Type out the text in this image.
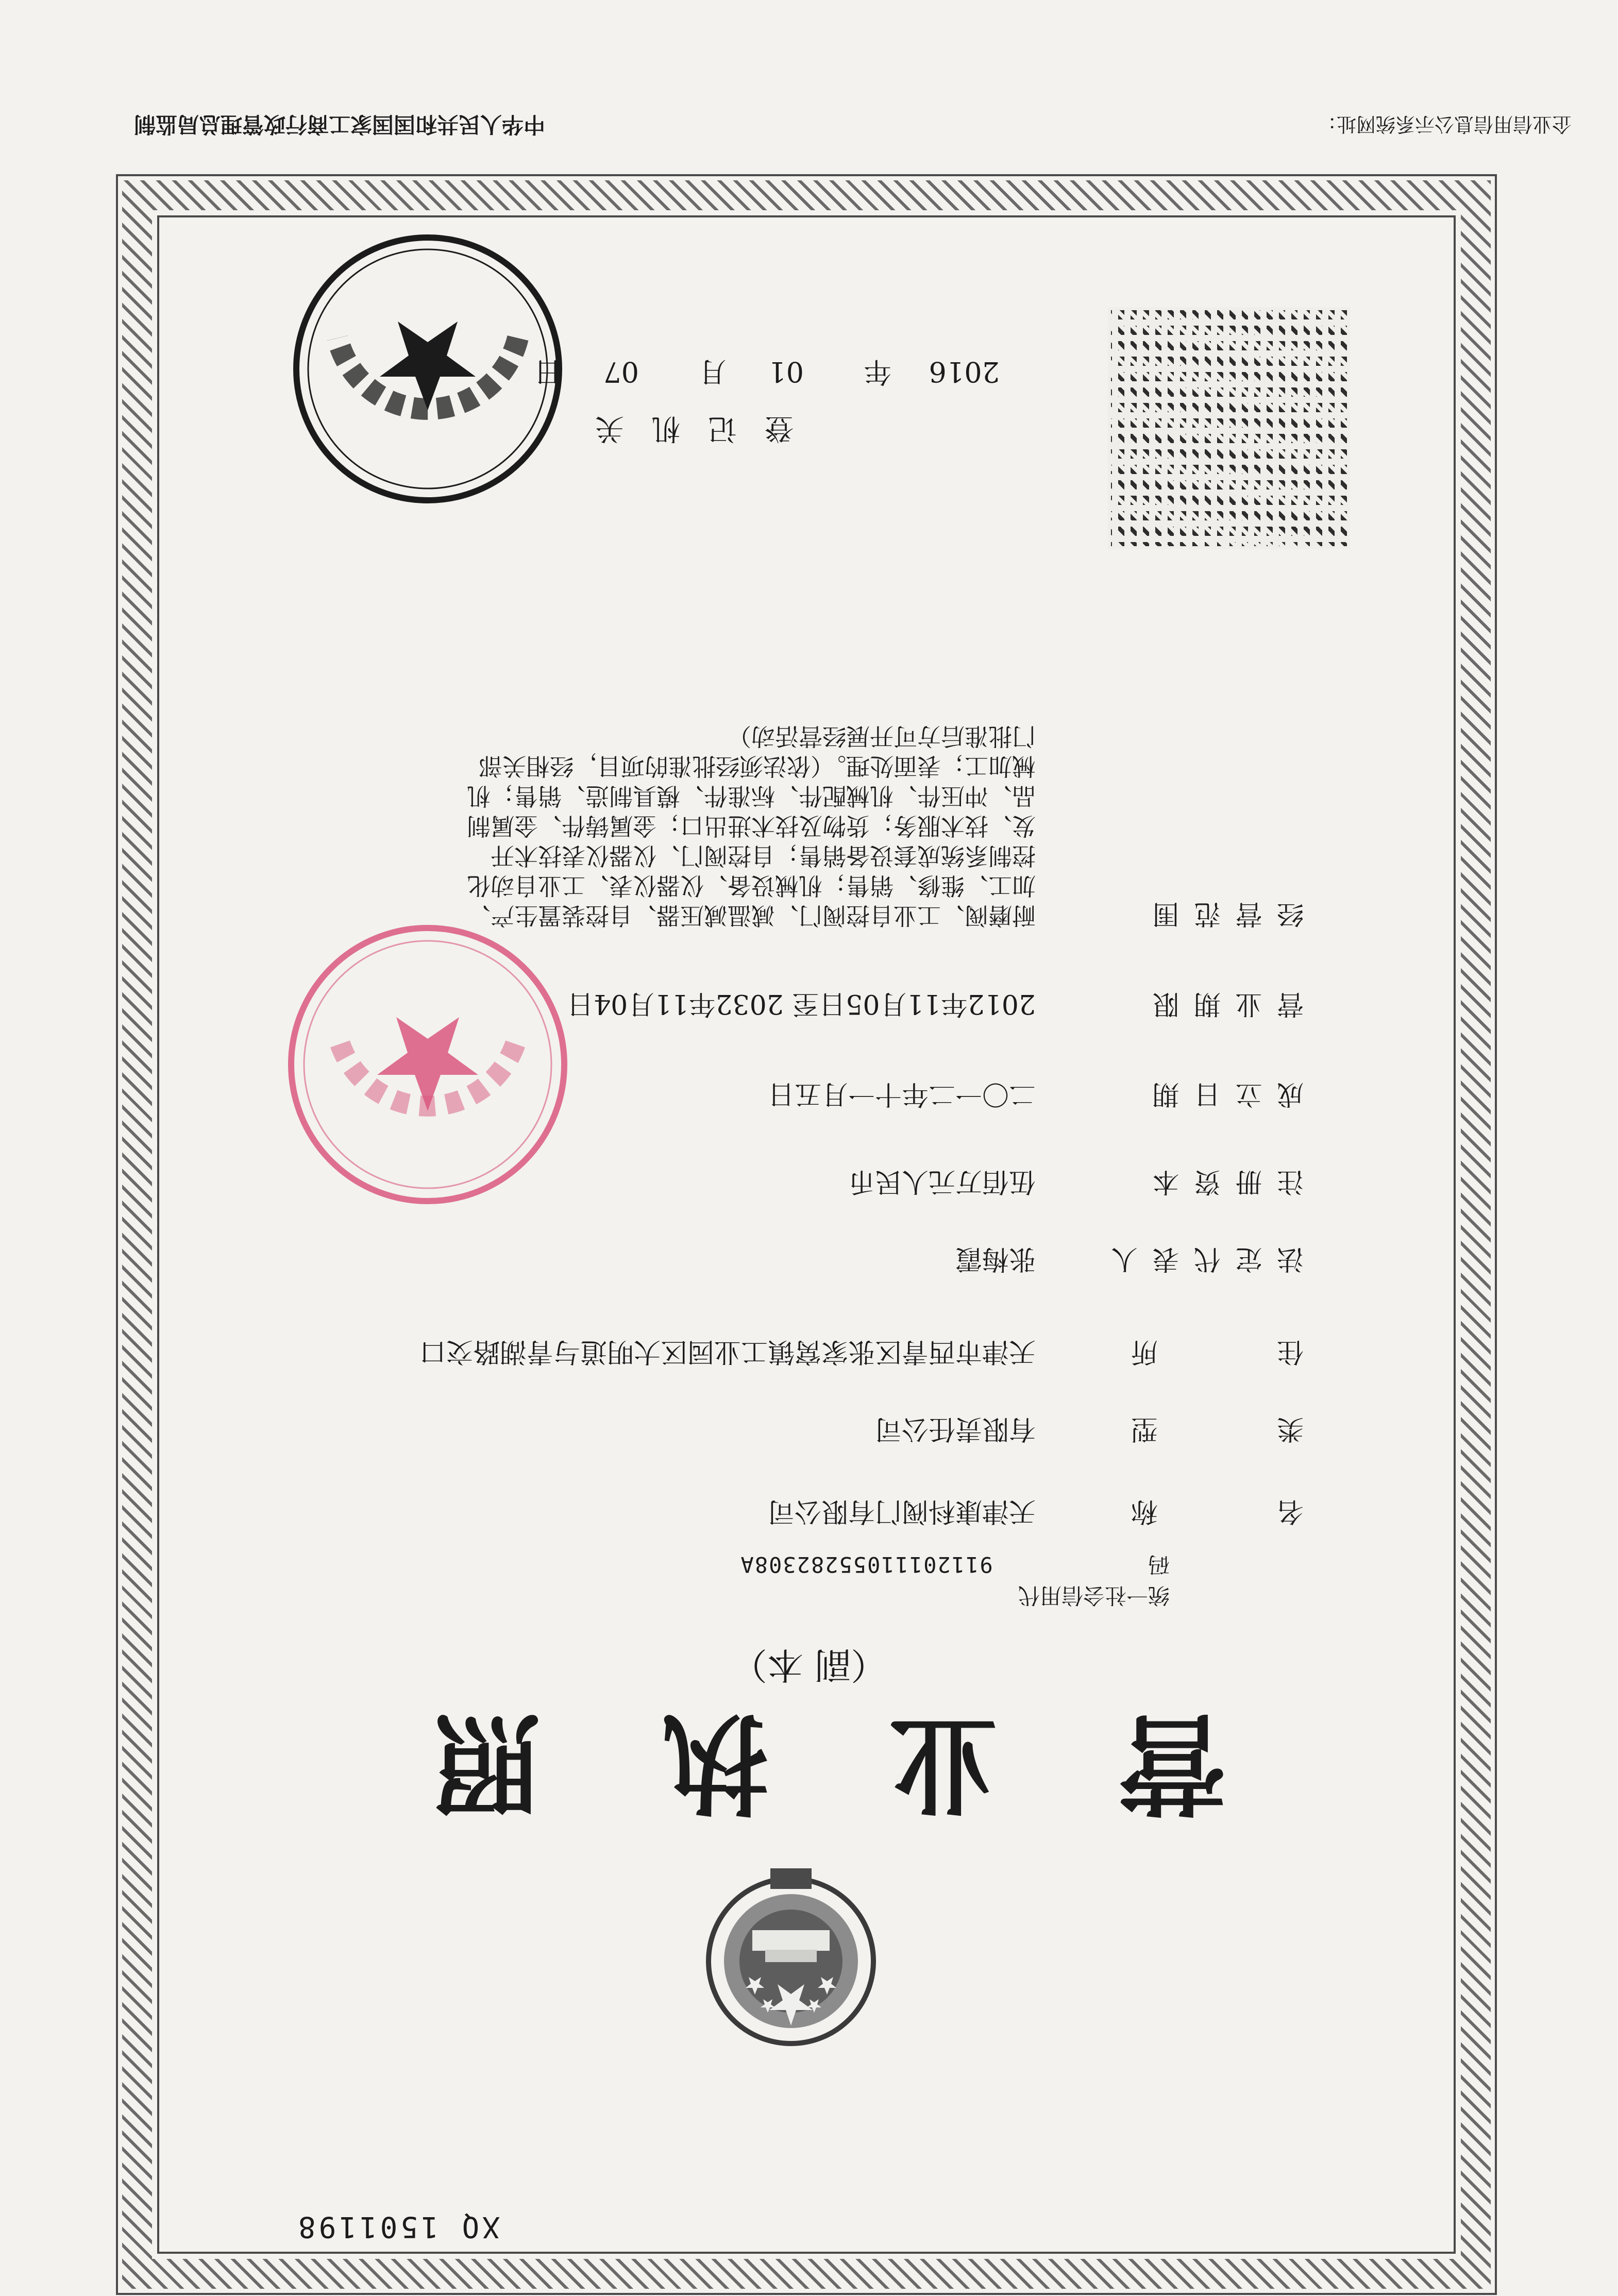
XQ 1501198
营 业 执 照
（副 本）
统一社会信用代码 91120111055282308A
名          称
天津康科阀门有限公司
类          型
有限责任公司
住          所
天津市西青区张家窝镇工业园区大明道与青湖路交口
法 定 代 表 人
张梅霞
注 册 资 本
伍佰万元人民币
成 立 日 期
二〇一二年十一月五日
营 业 期 限
2012年11月05日至 2032年11月04日
经 营 范 围
耐磨阀、工业自控阀门、减温减压器、自控装置生产、加工、维修、销售；机械设备、仪器仪表、工业自动化控制系统成套设备销售；自控阀门、仪器仪表技术开发、技术服务；货物及技术进出口；金属铸件、金属制品、冲压件、机械配件、标准件、模具制造、销售；机械加工；表面处理。（依法须经批准的项目，经相关部门批准后方可开展经营活动）
登 记 机 关
2016
年
01
月
07
日
企业信用信息公示系统网址：
中华人民共和国国家工商行政管理总局监制
